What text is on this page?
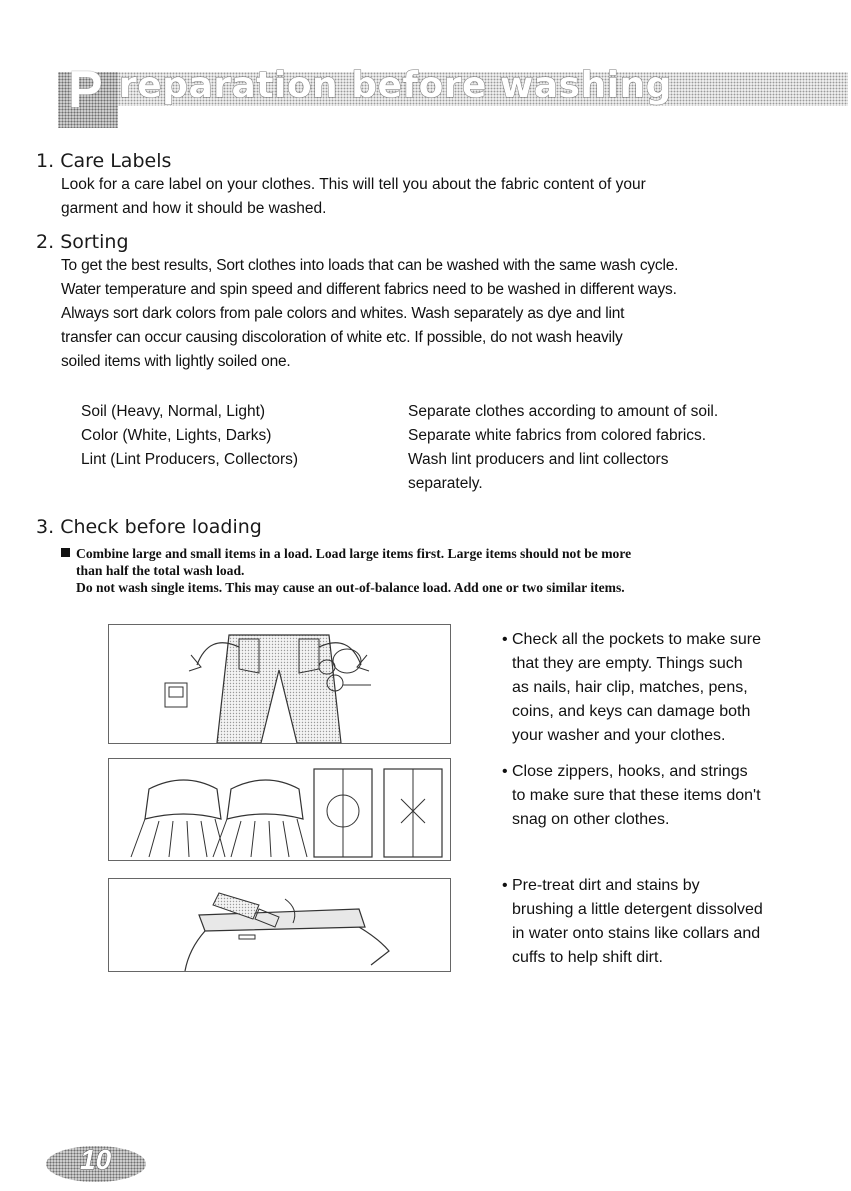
P reparation before washing
1. Care Labels
Look for a care label on your clothes. This will tell you about the fabric content of your
garment and how it should be washed.
2. Sorting
To get the best results, Sort clothes into loads that can be washed with the same wash cycle.
Water temperature and spin speed and different fabrics need to be washed in different ways.
Always sort dark colors from pale colors and whites. Wash separately as dye and lint
transfer can occur causing discoloration of white etc. If possible, do not wash heavily
soiled items with lightly soiled one.
Soil (Heavy, Normal, Light)	Separate clothes according to amount of soil.
Color (White, Lights, Darks)	Separate white fabrics from colored fabrics.
Lint (Lint Producers, Collectors)	Wash lint producers and lint collectors
separately.
3. Check before loading
Combine large and small items in a load. Load large items first. Large items should not be more
than half the total wash load.
Do not wash single items. This may cause an out-of-balance load. Add one or two similar items.
• Check all the pockets to make sure
that they are empty. Things such
as nails, hair clip, matches, pens,
coins, and keys can damage both
your washer and your clothes.
• Close zippers, hooks, and strings
to make sure that these items don't
snag on other clothes.
• Pre-treat dirt and stains by
brushing a little detergent dissolved
in water onto stains like collars and
cuffs to help shift dirt.
10
